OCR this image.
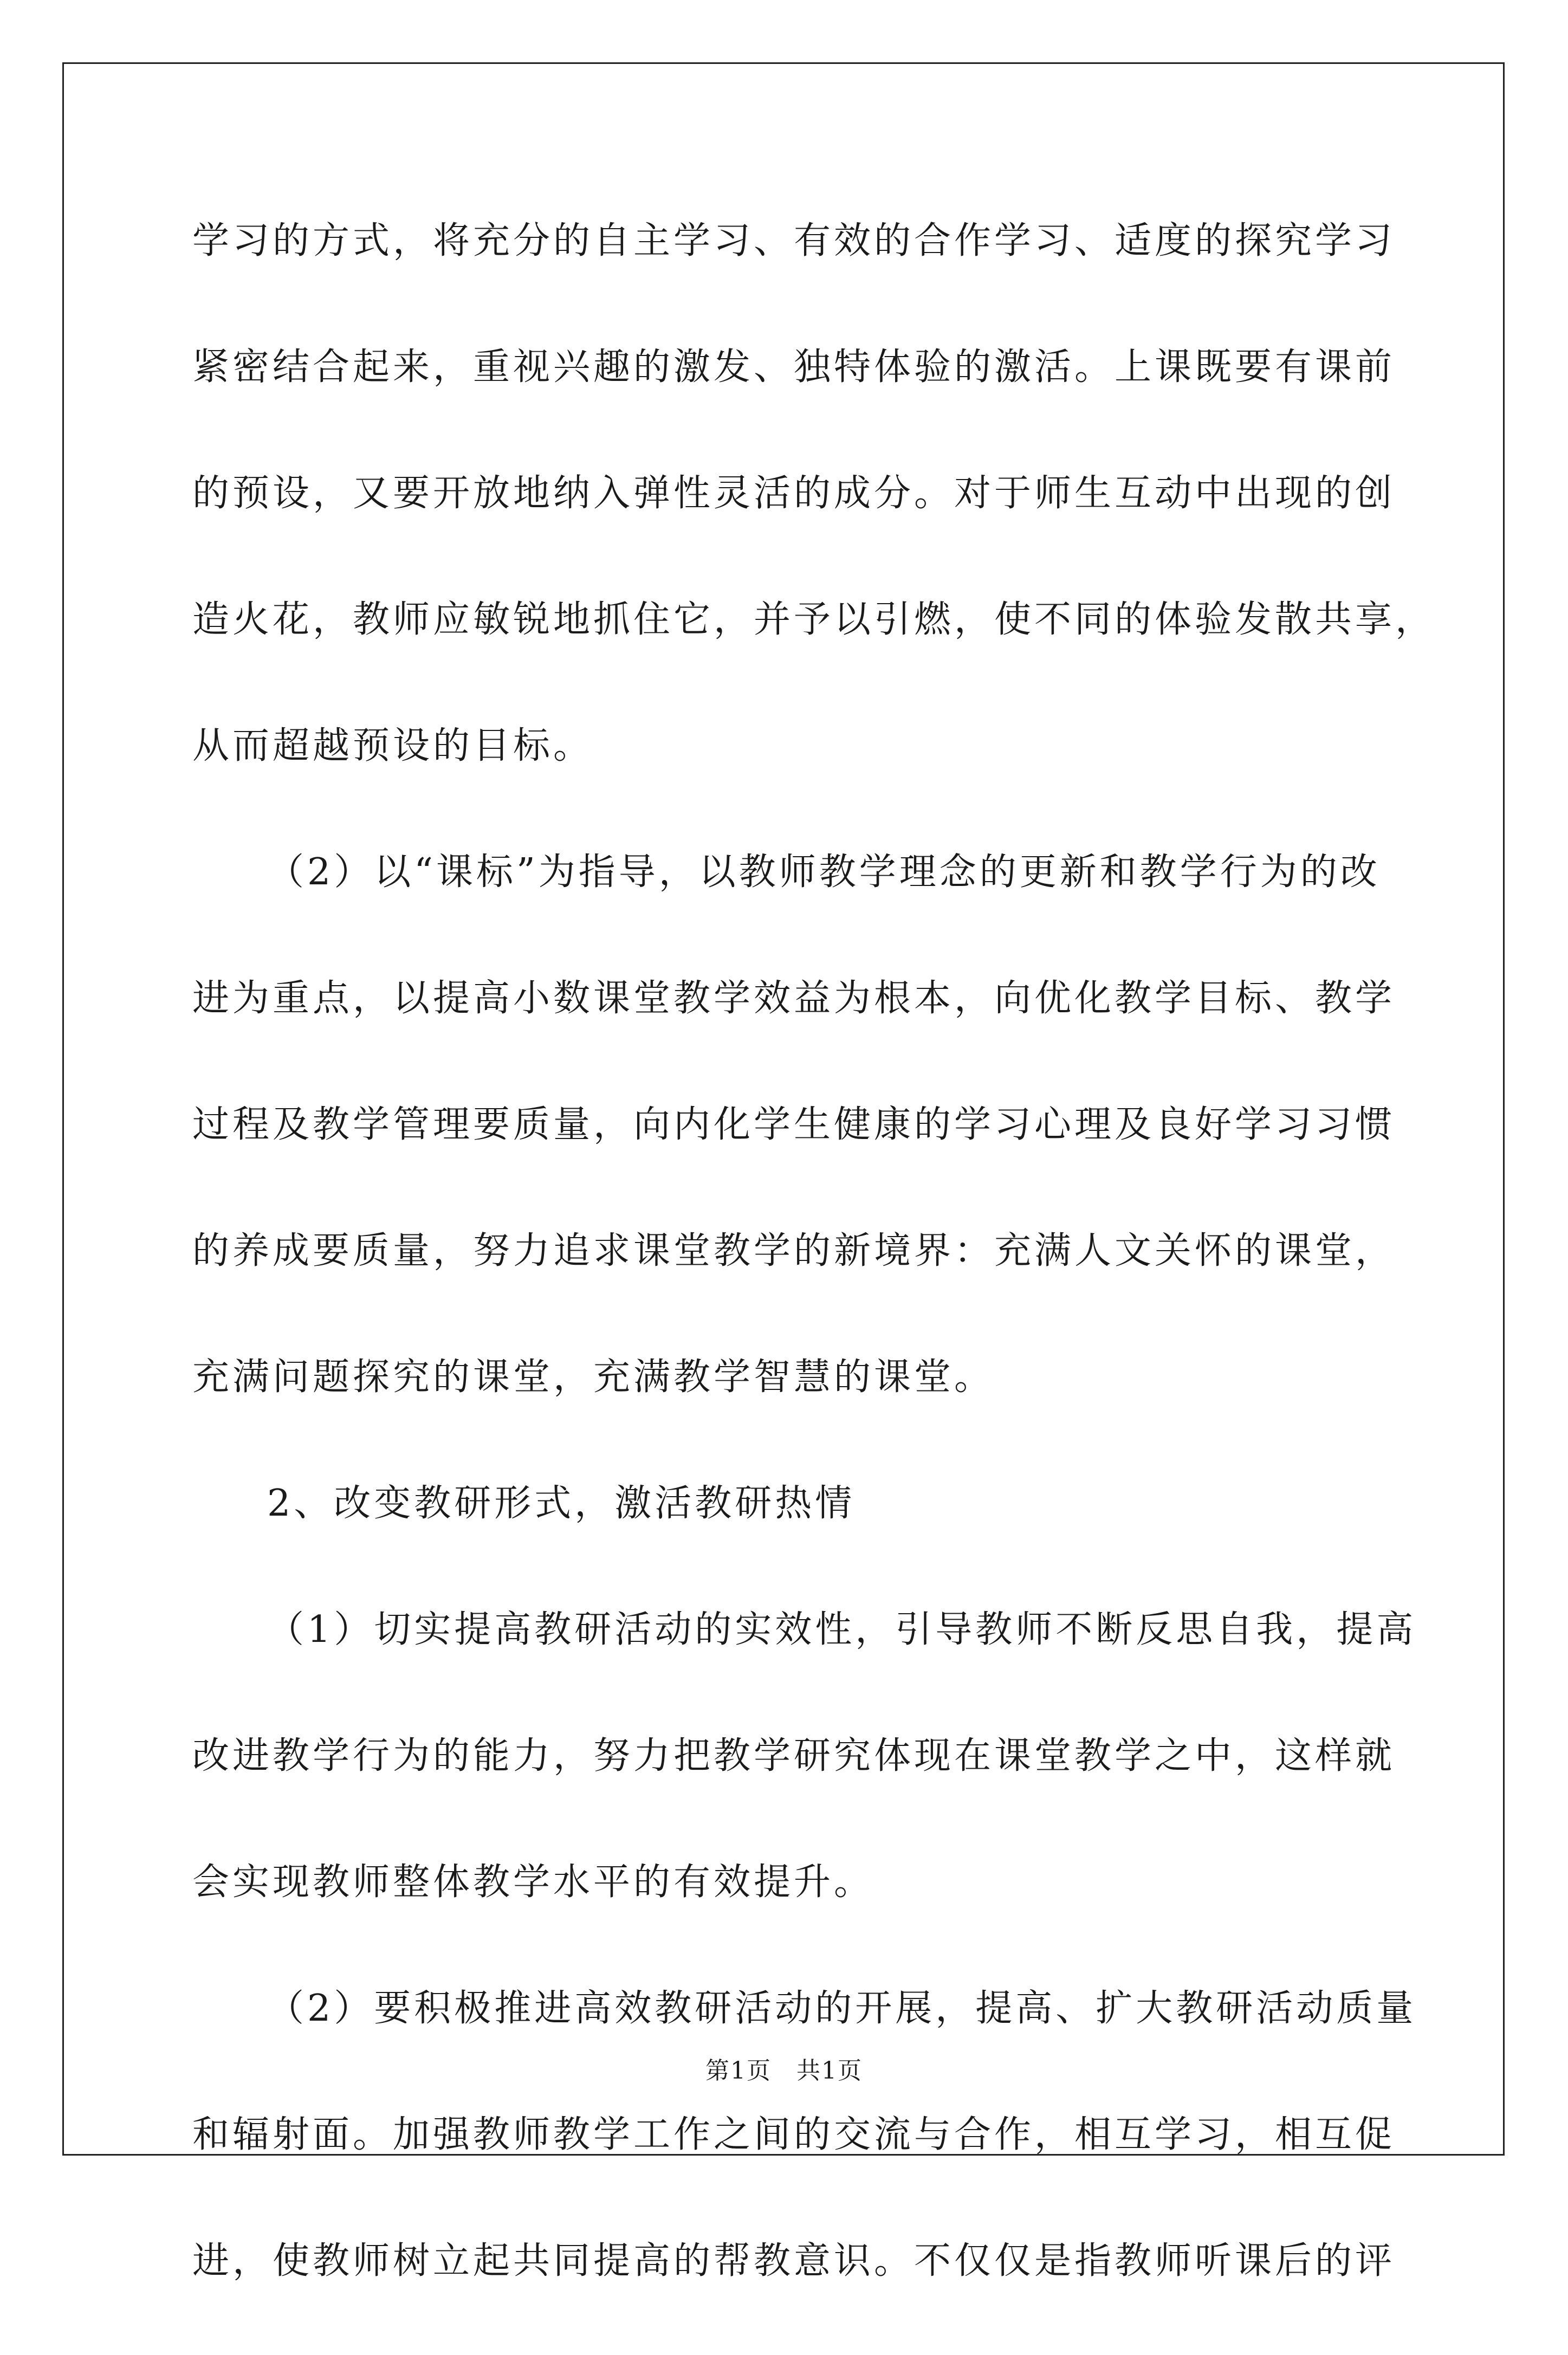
学习的方式，将充分的自主学习、有效的合作学习、适度的探究学习
紧密结合起来，重视兴趣的激发、独特体验的激活。上课既要有课前
的预设，又要开放地纳入弹性灵活的成分。对于师生互动中出现的创
造火花，教师应敏锐地抓住它，并予以引燃，使不同的体验发散共享，
从而超越预设的目标。
（2）以“课标”为指导，以教师教学理念的更新和教学行为的改
进为重点，以提高小数课堂教学效益为根本，向优化教学目标、教学
过程及教学管理要质量，向内化学生健康的学习心理及良好学习习惯
的养成要质量，努力追求课堂教学的新境界：充满人文关怀的课堂，
充满问题探究的课堂，充满教学智慧的课堂。
2、改变教研形式，激活教研热情
（1）切实提高教研活动的实效性，引导教师不断反思自我，提高
改进教学行为的能力，努力把教学研究体现在课堂教学之中，这样就
会实现教师整体教学水平的有效提升。
（2）要积极推进高效教研活动的开展，提高、扩大教研活动质量
和辐射面。加强教师教学工作之间的交流与合作，相互学习，相互促
进，使教师树立起共同提高的帮教意识。不仅仅是指教师听课后的评
第1页　共1页
